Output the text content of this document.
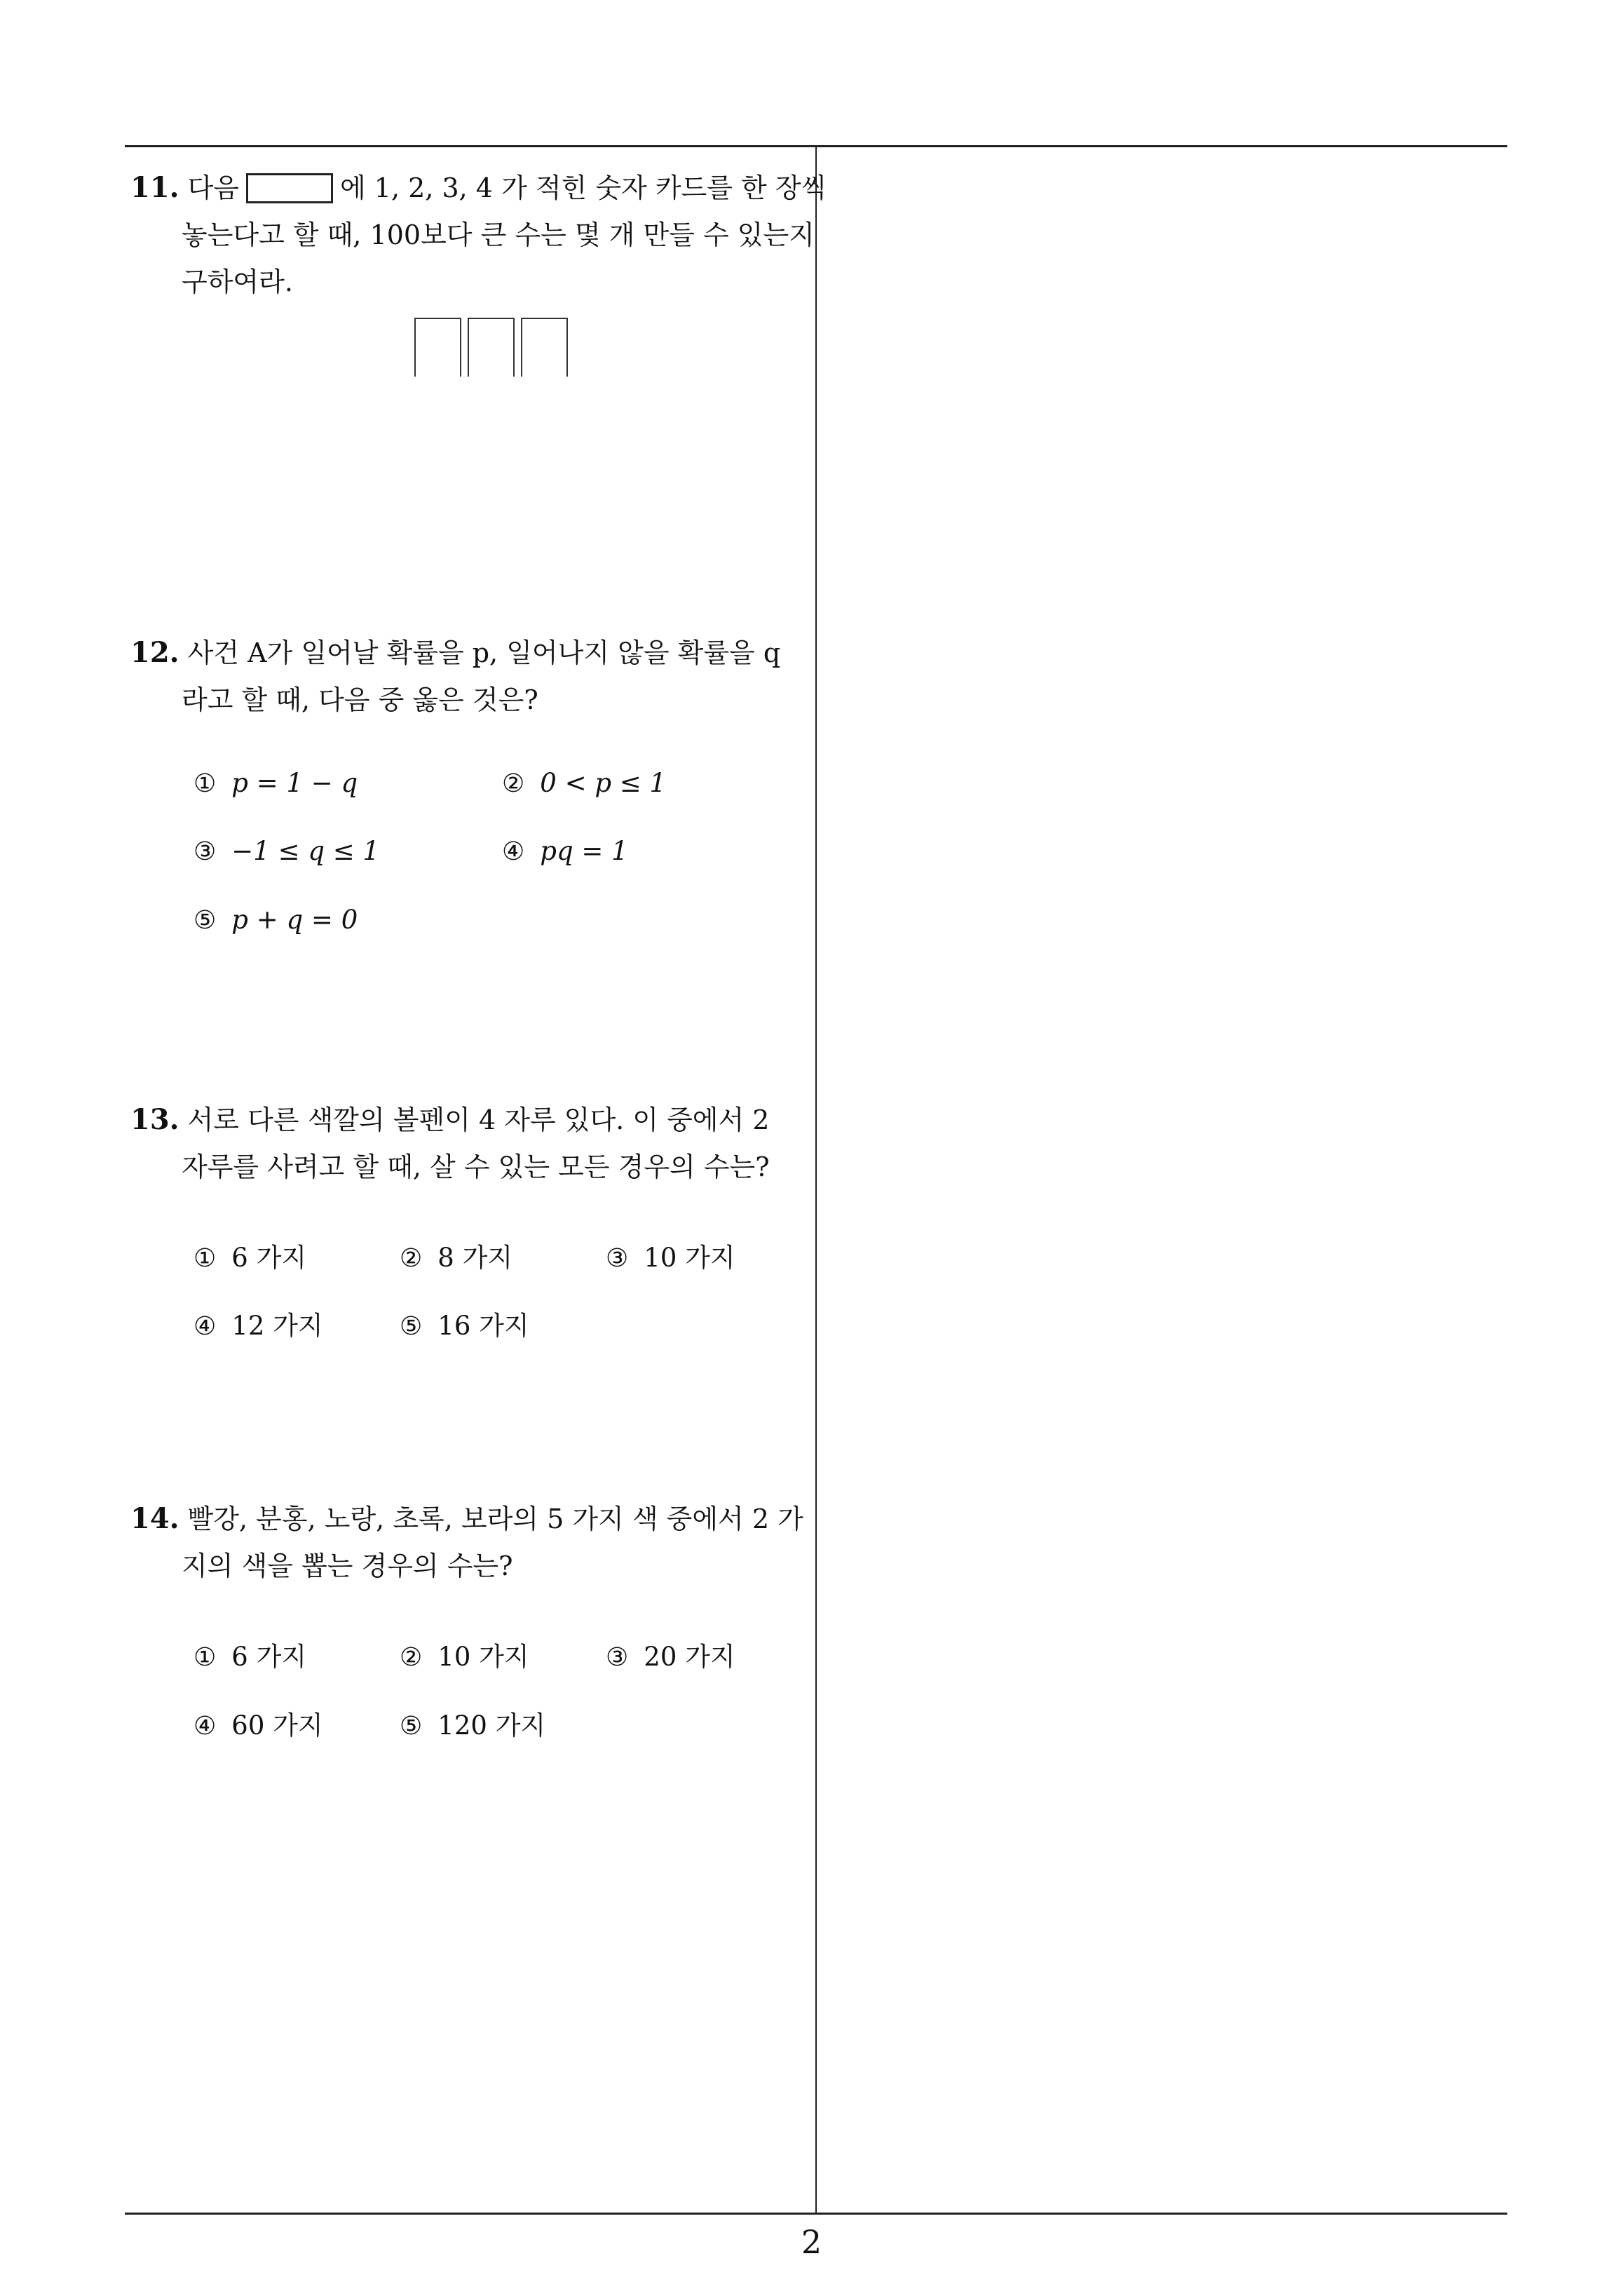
11. 다음	에 1, 2, 3, 4 가 적힌 숫자 카드를 한 장씩
놓는다고 할 때, 100보다 큰 수는 몇 개 만들 수 있는지
구하여라.
12. 사건 A가 일어날 확률을 p, 일어나지 않을 확률을 q
라고 할 때, 다음 중 옳은 것은?
① p = 1 − q	② 0 < p ≤ 1
③ −1 ≤ q ≤ 1	④ pq = 1
⑤ p + q = 0
13. 서로 다른 색깔의 볼펜이 4 자루 있다. 이 중에서 2
자루를 사려고 할 때, 살 수 있는 모든 경우의 수는?
① 6 가지	② 8 가지	③ 10 가지
④ 12 가지	⑤ 16 가지
14. 빨강, 분홍, 노랑, 초록, 보라의 5 가지 색 중에서 2 가
지의 색을 뽑는 경우의 수는?
① 6 가지	② 10 가지	③ 20 가지
④ 60 가지	⑤ 120 가지
2
